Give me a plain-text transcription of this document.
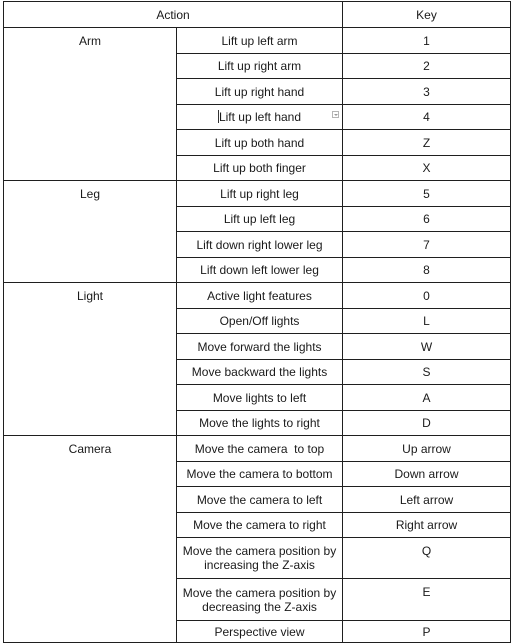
Action		Key
Arm	Lift up left arm	1
	Lift up right arm	2
	Lift up right hand	3
	Lift up left hand	4
	Lift up both hand	Z
	Lift up both finger	X
Leg	Lift up right leg	5
	Lift up left leg	6
	Lift down right lower leg	7
	Lift down left lower leg	8
Light	Active light features	0
	Open/Off lights	L
	Move forward the lights	W
	Move backward the lights	S
	Move lights to left	A
	Move the lights to right	D
Camera	Move the camera  to top	Up arrow
	Move the camera to bottom	Down arrow
	Move the camera to left	Left arrow
	Move the camera to right	Right arrow
	Move the camera position by increasing the Z-axis	Q
	Move the camera position by decreasing the Z-axis	E
	Perspective view	P
